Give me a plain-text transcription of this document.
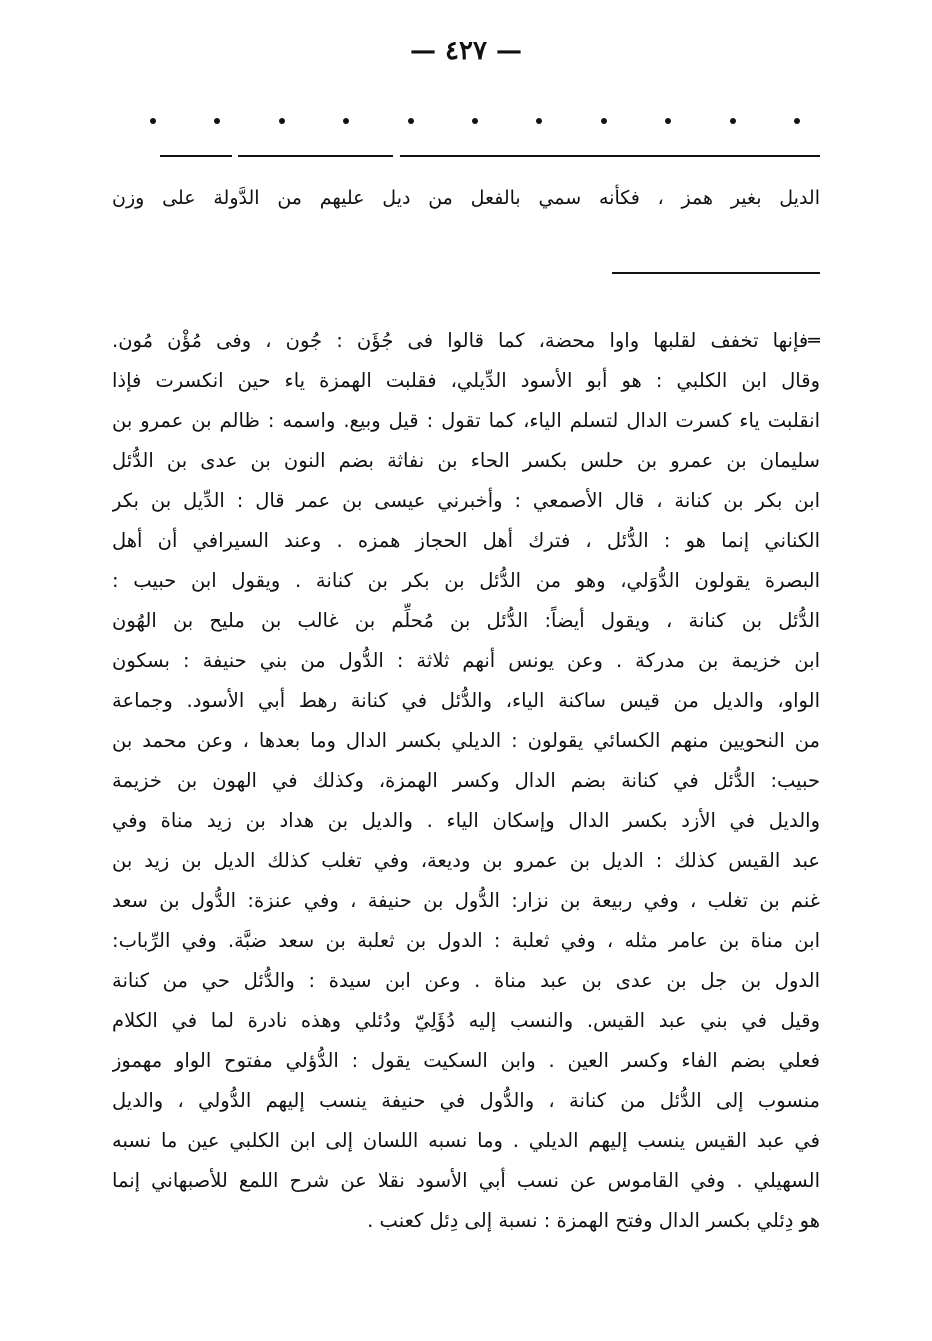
— ٤٢٧ —
الديل بغير همز ، فكأنه سمي بالفعل من ديل عليهم من الدَّولة على وزن
═فإنها تخفف لقلبها واوا محضة، كما قالوا فى جُؤَن : جُون ، وفى مُؤْن مُون.
وقال ابن الكلبي : هو أبو الأسود الدِّيلي، فقلبت الهمزة ياء حين انكسرت فإذا
انقلبت ياء كسرت الدال لتسلم الياء، كما تقول : قيل وبيع. واسمه : ظالم بن عمرو بن
سليمان بن عمرو بن حلس بكسر الحاء بن نفاثة بضم النون بن عدى بن الدُّئل
ابن بكر بن كنانة ، قال الأصمعي : وأخبرني عيسى بن عمر قال : الدِّيل بن بكر
الكناني إنما هو : الدُّئل ، فترك أهل الحجاز همزه . وعند السيرافي أن أهل
البصرة يقولون الدُّوَلي، وهو من الدُّئل بن بكر بن كنانة . ويقول ابن حبيب :
الدُّئل بن كنانة ، ويقول أيضاً: الدُّئل بن مُحلِّم بن غالب بن مليح بن الهُون
ابن خزيمة بن مدركة . وعن يونس أنهم ثلاثة : الدُّول من بني حنيفة : بسكون
الواو، والديل من قيس ساكنة الياء، والدُّئل في كنانة رهط أبي الأسود. وجماعة
من النحويين منهم الكسائي يقولون : الديلي بكسر الدال وما بعدها ، وعن محمد بن
حبيب: الدُّئل في كنانة بضم الدال وكسر الهمزة، وكذلك في الهون بن خزيمة
والديل في الأزد بكسر الدال وإسكان الياء . والديل بن هداد بن زيد مناة وفي
عبد القيس كذلك : الديل بن عمرو بن وديعة، وفي تغلب كذلك الديل بن زيد بن
غنم بن تغلب ، وفي ربيعة بن نزار: الدُّول بن حنيفة ، وفي عنزة: الدُّول بن سعد
ابن مناة بن عامر مثله ، وفي ثعلبة : الدول بن ثعلبة بن سعد ضبَّة. وفي الرِّباب:
الدول بن جل بن عدى بن عبد مناة . وعن ابن سيدة : والدُّئل حي من كنانة
وقيل في بني عبد القيس. والنسب إليه دُؤَلِيّ ودُئلي وهذه نادرة لما في الكلام
فعلي بضم الفاء وكسر العين . وابن السكيت يقول : الدُّؤلي مفتوح الواو مهموز
منسوب إلى الدُّئل من كنانة ، والدُّول في حنيفة ينسب إليهم الدُّولي ، والديل
في عبد القيس ينسب إليهم الديلي . وما نسبه اللسان إلى ابن الكلبي عين ما نسبه
السهيلي . وفي القاموس عن نسب أبي الأسود نقلا عن شرح اللمع للأصبهاني إنما
هو دِئلي بكسر الدال وفتح الهمزة : نسبة إلى دِئل كعنب .
